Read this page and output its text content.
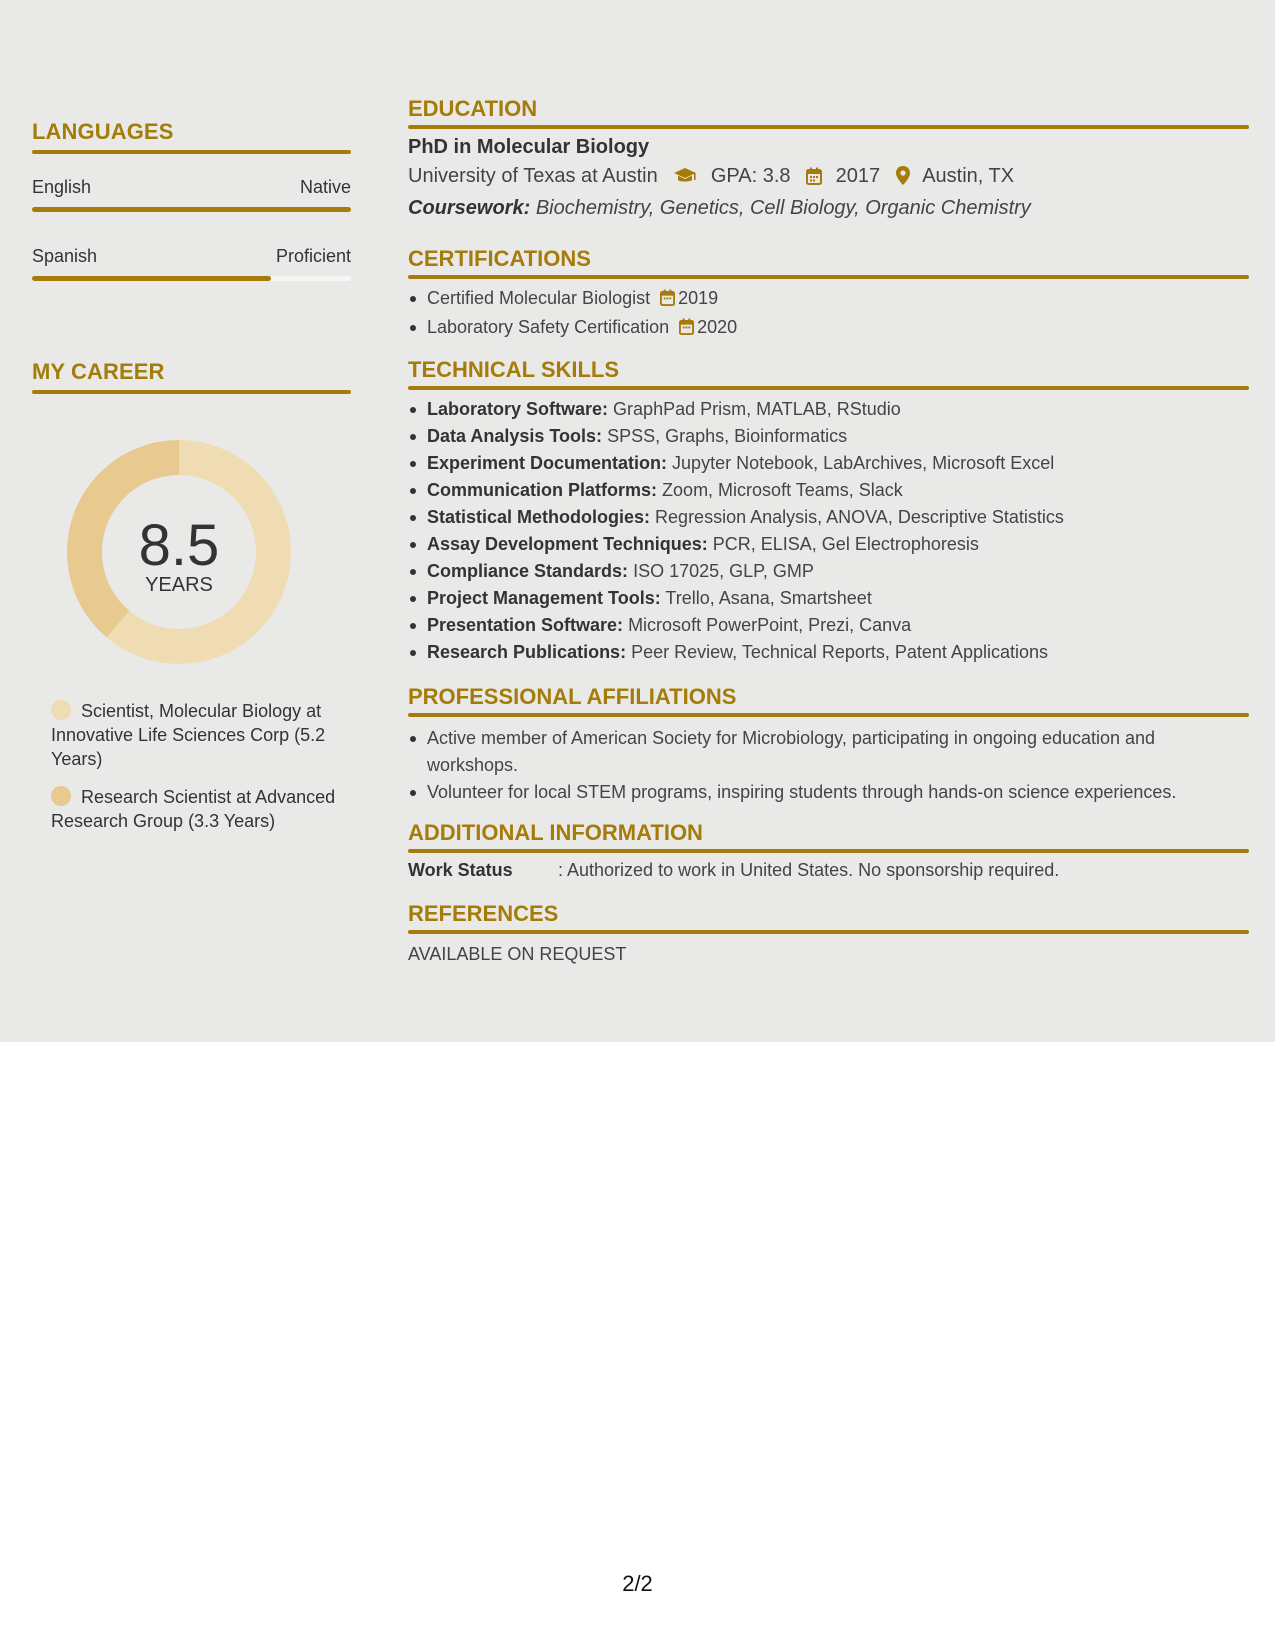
LANGUAGES
English	Native
Spanish	Proficient
MY CAREER
8.5
YEARS
Scientist, Molecular Biology at Innovative Life Sciences Corp (5.2 Years)
Research Scientist at Advanced Research Group (3.3 Years)
EDUCATION
PhD in Molecular Biology
University of Texas at Austin	GPA: 3.8 2017 Austin, TX
Coursework: Biochemistry, Genetics, Cell Biology, Organic Chemistry
CERTIFICATIONS
Certified Molecular Biologist 2019
Laboratory Safety Certification 2020
TECHNICAL SKILLS
Laboratory Software: GraphPad Prism, MATLAB, RStudio
Data Analysis Tools: SPSS, Graphs, Bioinformatics
Experiment Documentation: Jupyter Notebook, LabArchives, Microsoft Excel
Communication Platforms: Zoom, Microsoft Teams, Slack
Statistical Methodologies: Regression Analysis, ANOVA, Descriptive Statistics
Assay Development Techniques: PCR, ELISA, Gel Electrophoresis
Compliance Standards: ISO 17025, GLP, GMP
Project Management Tools: Trello, Asana, Smartsheet
Presentation Software: Microsoft PowerPoint, Prezi, Canva
Research Publications: Peer Review, Technical Reports, Patent Applications
PROFESSIONAL AFFILIATIONS
Active member of American Society for Microbiology, participating in ongoing education and workshops.
Volunteer for local STEM programs, inspiring students through hands-on science experiences.
ADDITIONAL INFORMATION
Work Status	: Authorized to work in United States. No sponsorship required.
REFERENCES
AVAILABLE ON REQUEST
2/2
